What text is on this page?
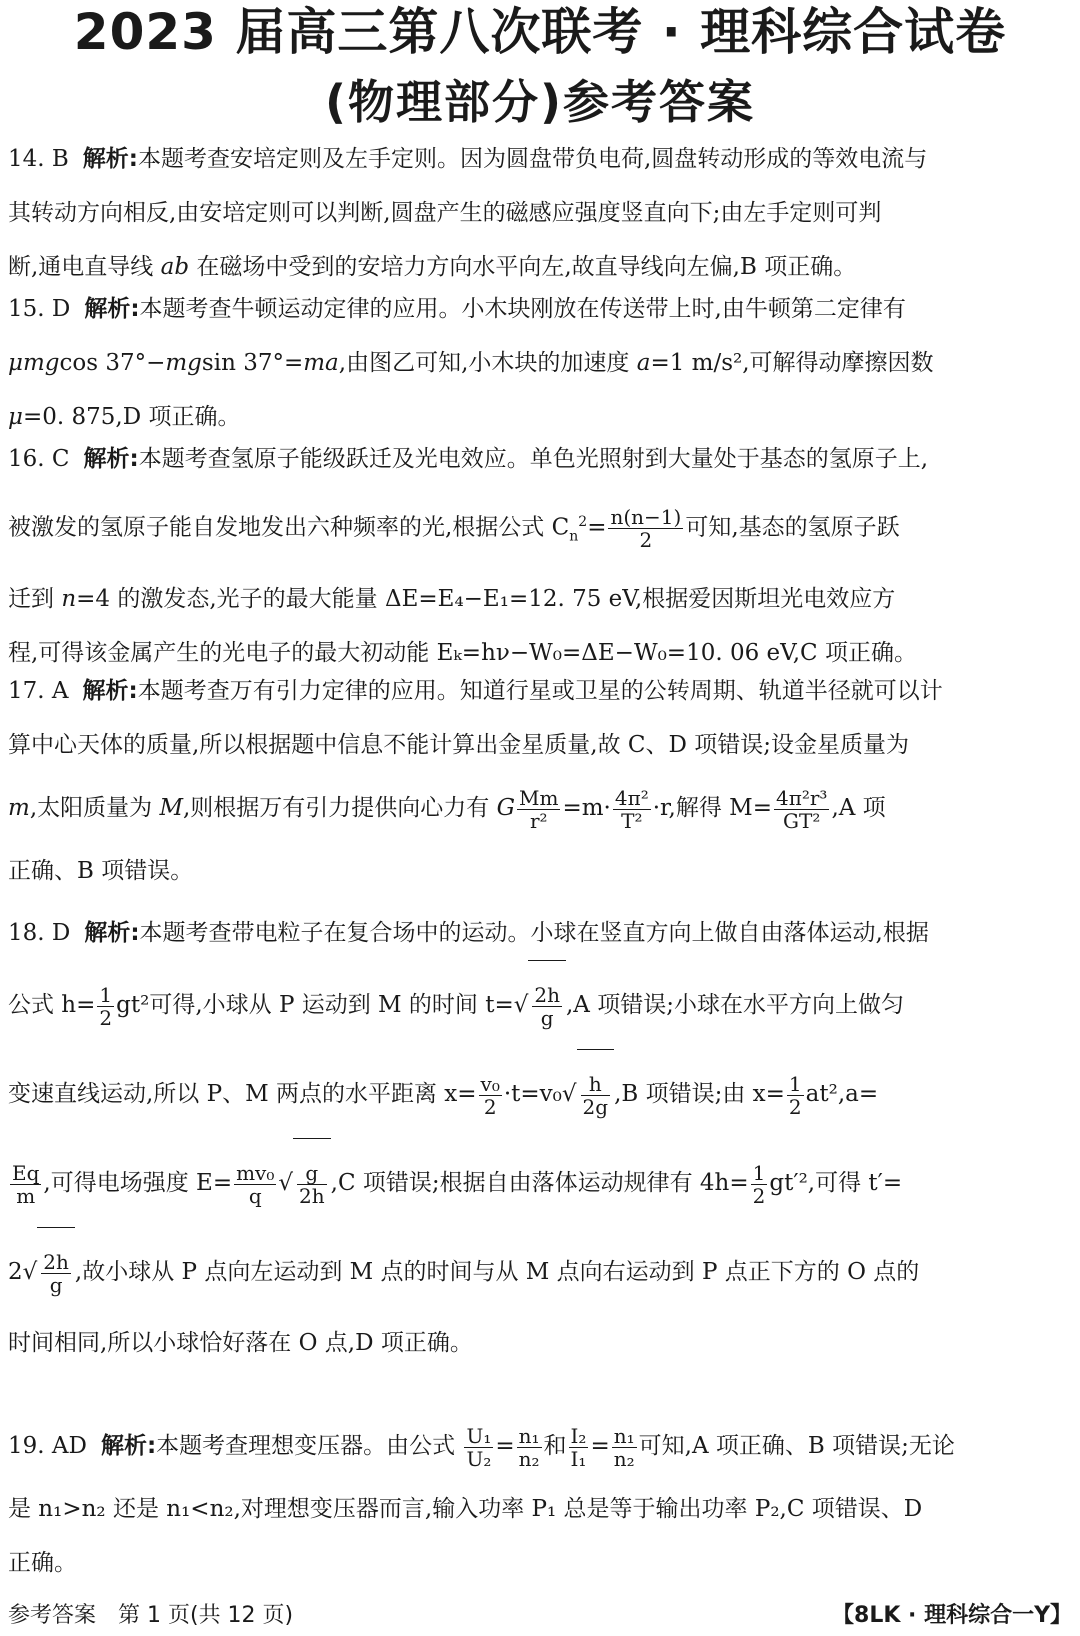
2023 届高三第八次联考 · 理科综合试卷
(物理部分)参考答案

14. B 解析:本题考查安培定则及左手定则。因为圆盘带负电荷,圆盘转动形成的等效电流与

其转动方向相反,由安培定则可以判断,圆盘产生的磁感应强度竖直向下;由左手定则可判

断,通电直导线 ab 在磁场中受到的安培力方向水平向左,故直导线向左偏,B 项正确。

15. D 解析:本题考查牛顿运动定律的应用。小木块刚放在传送带上时,由牛顿第二定律有

μmgcos 37°−mgsin 37°=ma,由图乙可知,小木块的加速度 a=1 m/s²,可解得动摩擦因数

μ=0. 875,D 项正确。

16. C 解析:本题考查氢原子能级跃迁及光电效应。单色光照射到大量处于基态的氢原子上,

被激发的氢原子能自发地发出六种频率的光,根据公式 $C_n^2= \frac{n(n-1)}{2}$ 可知,基态的氢原子跃

迁到 n=4 的激发态,光子的最大能量 ΔE=E₄−E₁=12. 75 eV,根据爱因斯坦光电效应方

程,可得该金属产生的光电子的最大初动能 Eₖ=hν−W₀=ΔE−W₀=10. 06 eV,C 项正确。

17. A 解析:本题考查万有引力定律的应用。知道行星或卫星的公转周期、轨道半径就可以计

算中心天体的质量,所以根据题中信息不能计算出金星质量,故 C、D 项错误;设金星质量为

m,太阳质量为 M,则根据万有引力提供向心力有 G $\frac{Mm}{\text{r²}} =m\cdot \frac{\text{4π²}}{\text{T²}} \cdot r$,解得 $M= \frac{\text{4π²r³}}{\text{GT²}} ,A$ 项

正确、B 项错误。

18. D 解析:本题考查带电粒子在复合场中的运动。小球在竖直方向上做自由落体运动,根据

公式 $h= \frac{1}{2} gt^2$可得,小球从 P 运动到 M 的时间 $t=√ \frac{2h}{g} ,A$ 项错误;小球在水平方向上做匀

变速直线运动,所以 P、M 两点的水平距离 $x= \frac{\text{v₀}}{2} \cdot t=v_0√ \frac{h}{2g} ,B$ 项错误;由 $x= \frac{1}{2} at^2,a=$

$\frac{Eq}{m}$ ,可得电场强度 $E= \frac{\text{mv₀}}{q}$ √ $\frac{g}{2h} ,C$ 项错误;根据自由落体运动规律有 $4h= \frac{1}{2} gt'^2$,可得 t′=

$2√ \frac{2h}{g}$ ,故小球从 P 点向左运动到 M 点的时间与从 M 点向右运动到 P 点正下方的 O 点的

时间相同,所以小球恰好落在 O 点,D 项正确。

19. AD 解析:本题考查理想变压器。由公式 $\frac{\text{U₁}}{\text{U₂}} = \frac{\text{n₁}}{\text{n₂}}$ 和 $\frac{\text{I₂}}{\text{I₁}} = \frac{\text{n₁}}{\text{n₂}}$ 可知,A 项正确、B 项错误;无论

是 n₁>n₂ 还是 n₁<n₂,对理想变压器而言,输入功率 P₁ 总是等于输出功率 P₂,C 项错误、D

正确。

参考答案　第 1 页(共 12 页)	【8LK · 理科综合一Y】
